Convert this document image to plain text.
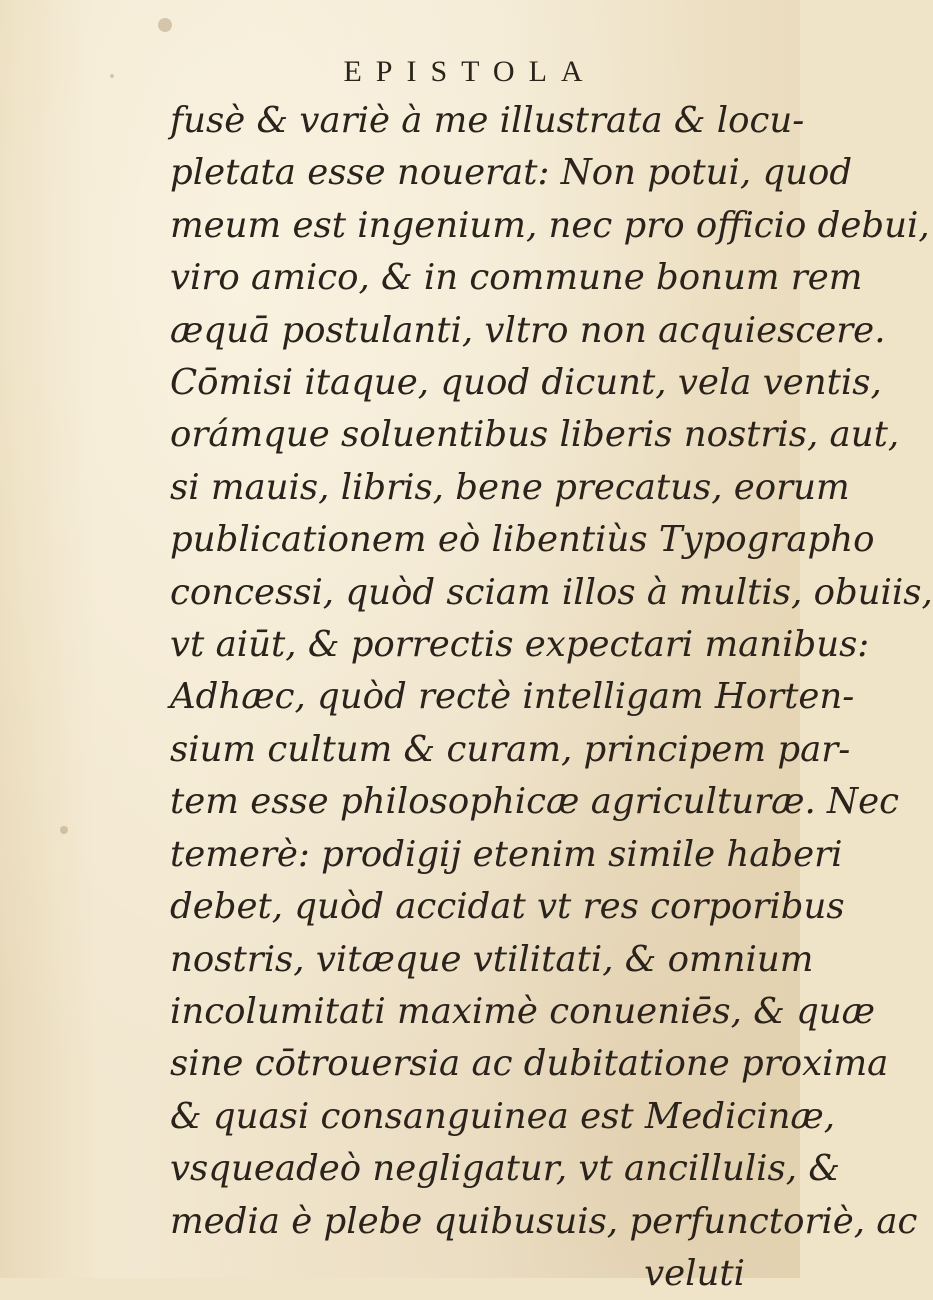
EPISTOLA
fusè & variè à me illustrata & locu-
pletata esse nouerat: Non potui, quod
meum est ingenium, nec pro officio debui,
viro amico, & in commune bonum rem
æquā postulanti, vltro non acquiescere.
Cōmisi itaque, quod dicunt, vela ventis,
orámque soluentibus liberis nostris, aut,
si mauis, libris, bene precatus, eorum
publicationem eò libentiùs Typographo
concessi, quòd sciam illos à multis, obuiis,
vt aiūt, & porrectis expectari manibus:
Adhæc, quòd rectè intelligam Horten-
sium cultum & curam, principem par-
tem esse philosophicæ agriculturæ. Nec
temerè: prodigij etenim simile haberi
debet, quòd accidat vt res corporibus
nostris, vitæque vtilitati, & omnium
incolumitati maximè conueniēs, & quæ
sine cōtrouersia ac dubitatione proxima
& quasi consanguinea est Medicinæ,
vsqueadeò negligatur, vt ancillulis, &
media è plebe quibusuis, perfunctoriè, ac
veluti
